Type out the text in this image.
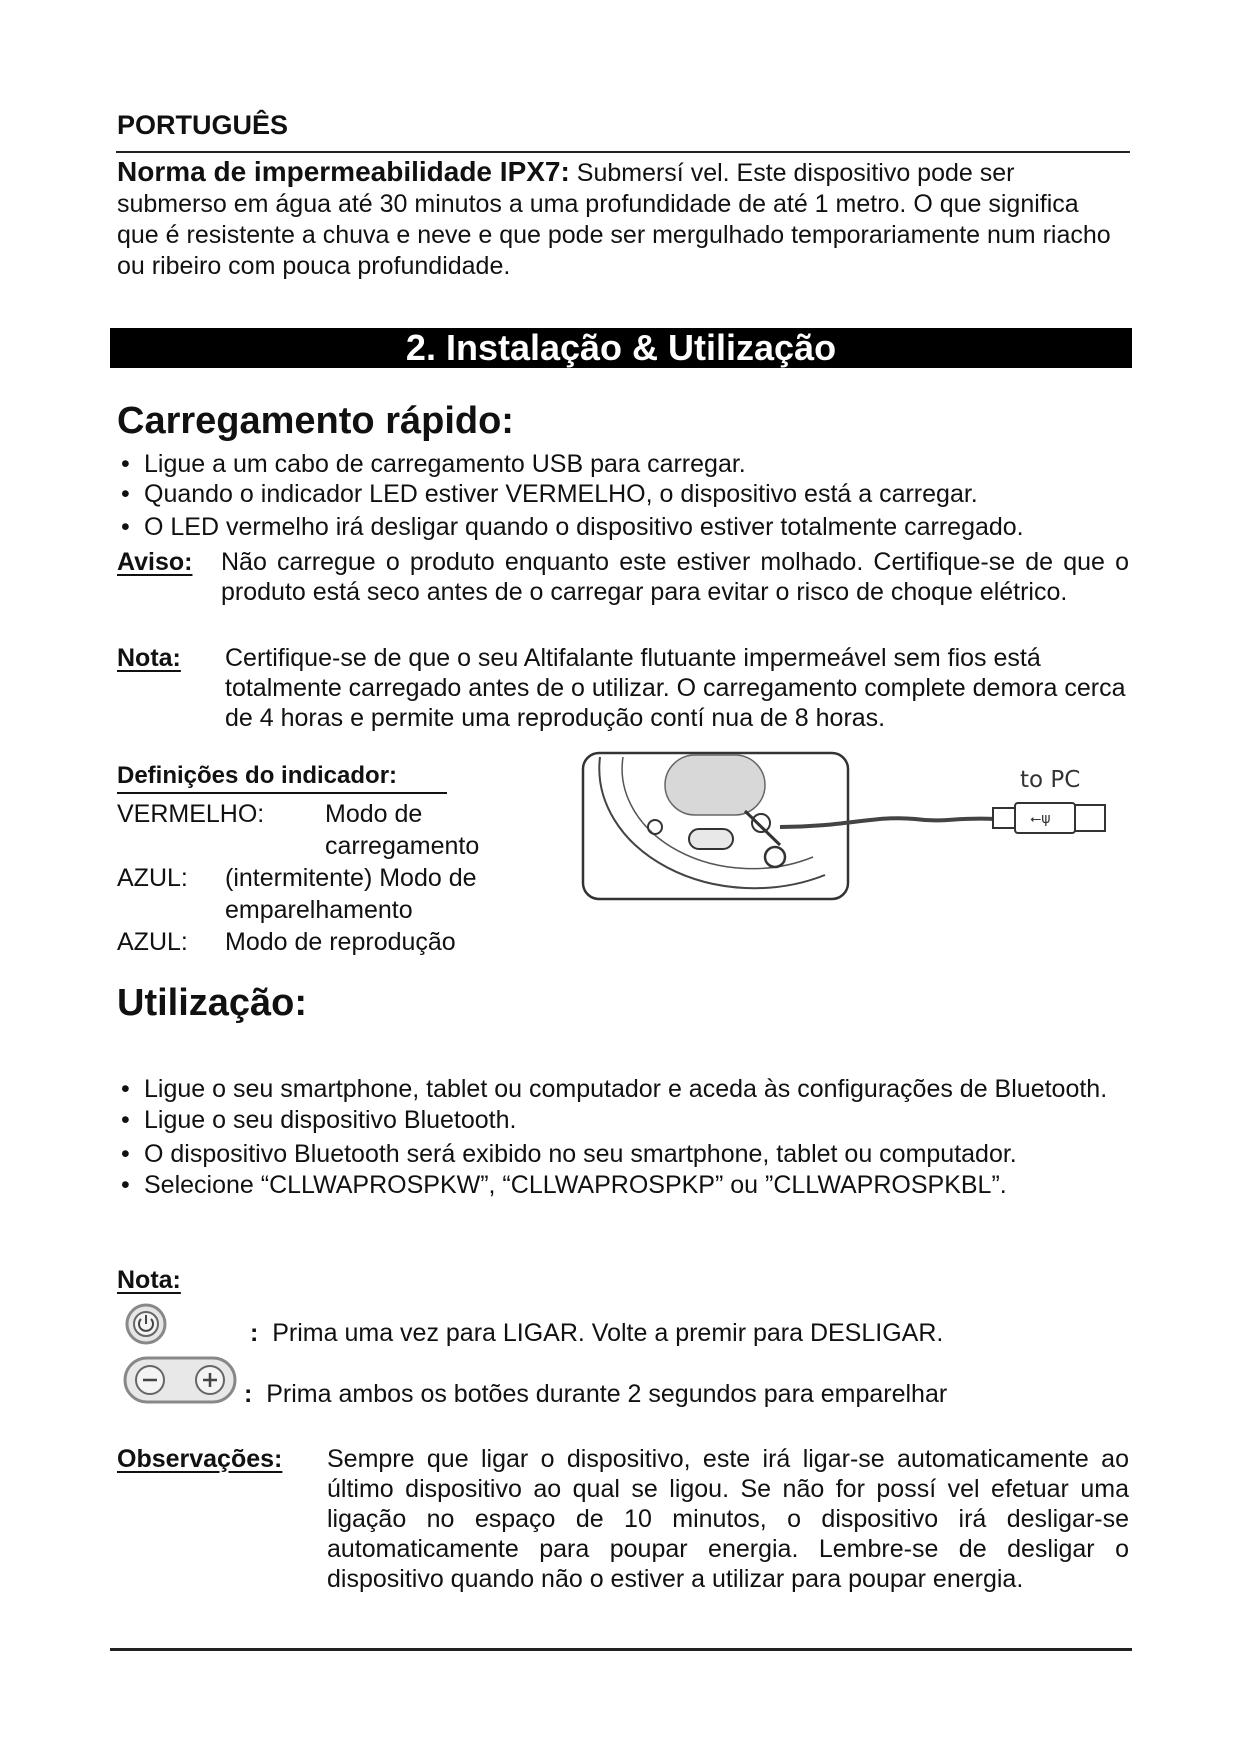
PORTUGUÊS
Norma de impermeabilidade IPX7: Submersí vel. Este dispositivo pode ser submerso em água até 30 minutos a uma profundidade de até 1 metro. O que significa que é resistente a chuva e neve e que pode ser mergulhado temporariamente num riacho ou ribeiro com pouca profundidade.
2. Instalação & Utilização
Carregamento rápido:
• Ligue a um cabo de carregamento USB para carregar.
• Quando o indicador LED estiver VERMELHO, o dispositivo está a carregar.
• O LED vermelho irá desligar quando o dispositivo estiver totalmente carregado.
Aviso:	Não carregue o produto enquanto este estiver molhado. Certifique-se de que o produto está seco antes de o carregar para evitar o risco de choque elétrico.
Nota:	Certifique-se de que o seu Altifalante flutuante impermeável sem fios está totalmente carregado antes de o utilizar. O carregamento complete demora cerca de 4 horas e permite uma reprodução contí nua de 8 horas.
Definições do indicador:
VERMELHO:	Modo de carregamento
AZUL:	(intermitente) Modo de emparelhamento
AZUL:	Modo de reprodução
⭠ψ
to PC
Utilização:
• Ligue o seu smartphone, tablet ou computador e aceda às configurações de Bluetooth.
• Ligue o seu dispositivo Bluetooth.
• O dispositivo Bluetooth será exibido no seu smartphone, tablet ou computador.
• Selecione “CLLWAPROSPKW”, “CLLWAPROSPKP” ou ”CLLWAPROSPKBL”.
Nota:
: Prima uma vez para LIGAR. Volte a premir para DESLIGAR.
: Prima ambos os botões durante 2 segundos para emparelhar
Observações:	Sempre que ligar o dispositivo, este irá ligar-se automaticamente ao último dispositivo ao qual se ligou. Se não for possí vel efetuar uma ligação no espaço de 10 minutos, o dispositivo irá desligar-se automaticamente para poupar energia. Lembre-se de desligar o dispositivo quando não o estiver a utilizar para poupar energia.
